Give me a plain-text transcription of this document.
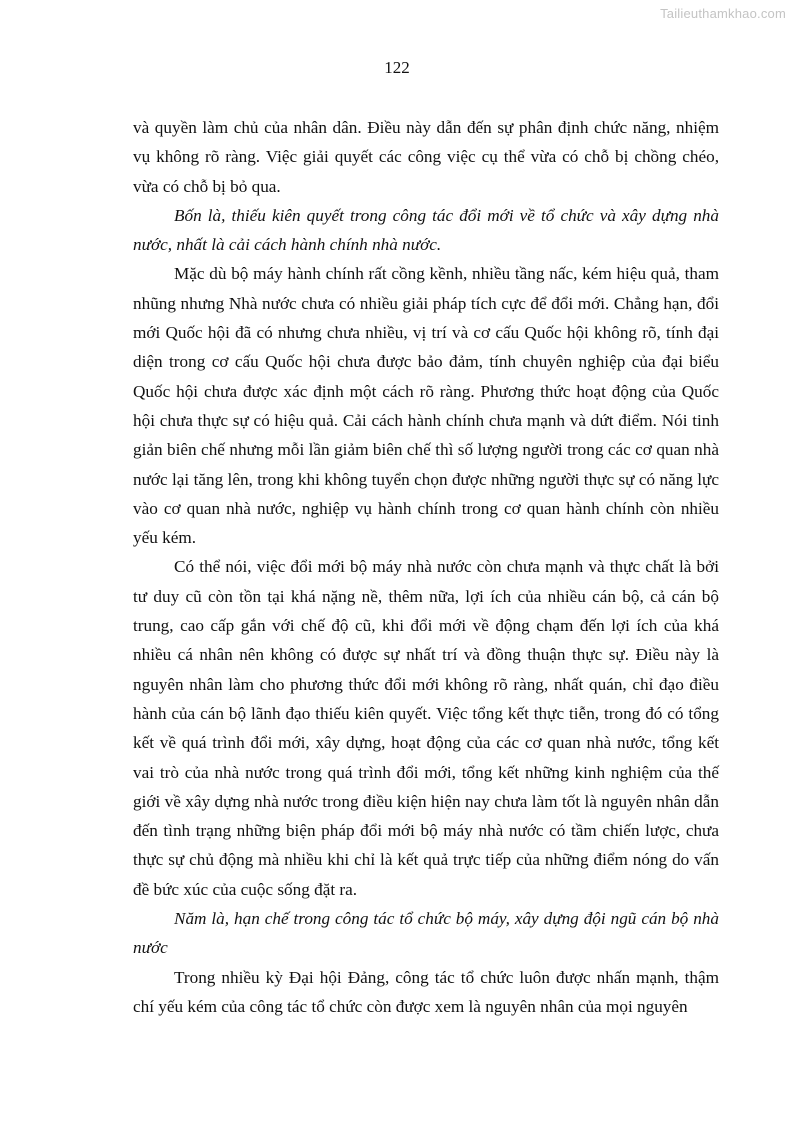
Tailieuthamkhao.com
122

và quyền làm chủ của nhân dân. Điều này dẫn đến sự phân định chức năng, nhiệm vụ không rõ ràng. Việc giải quyết các công việc cụ thể vừa có chỗ bị chồng chéo, vừa có chỗ bị bỏ qua.

Bốn là, thiếu kiên quyết trong công tác đổi mới về tổ chức và xây dựng nhà nước, nhất là cải cách hành chính nhà nước.

Mặc dù bộ máy hành chính rất cồng kềnh, nhiều tầng nấc, kém hiệu quả, tham nhũng nhưng Nhà nước chưa có nhiều giải pháp tích cực để đổi mới. Chẳng hạn, đổi mới Quốc hội đã có nhưng chưa nhiều, vị trí và cơ cấu Quốc hội không rõ, tính đại diện trong cơ cấu Quốc hội chưa được bảo đảm, tính chuyên nghiệp của đại biểu Quốc hội chưa được xác định một cách rõ ràng. Phương thức hoạt động của Quốc hội chưa thực sự có hiệu quả. Cải cách hành chính chưa mạnh và dứt điểm. Nói tinh giản biên chế nhưng mỗi lần giảm biên chế thì số lượng người trong các cơ quan nhà nước lại tăng lên, trong khi không tuyển chọn được những người thực sự có năng lực vào cơ quan nhà nước, nghiệp vụ hành chính trong cơ quan hành chính còn nhiều yếu kém.

Có thể nói, việc đổi mới bộ máy nhà nước còn chưa mạnh và thực chất là bởi tư duy cũ còn tồn tại khá nặng nề, thêm nữa, lợi ích của nhiều cán bộ, cả cán bộ trung, cao cấp gắn với chế độ cũ, khi đổi mới về động chạm đến lợi ích của khá nhiều cá nhân nên không có được sự nhất trí và đồng thuận thực sự. Điều này là nguyên nhân làm cho phương thức đổi mới không rõ ràng, nhất quán, chỉ đạo điều hành của cán bộ lãnh đạo thiếu kiên quyết. Việc tổng kết thực tiễn, trong đó có tổng kết về quá trình đổi mới, xây dựng, hoạt động của các cơ quan nhà nước, tổng kết vai trò của nhà nước trong quá trình đổi mới, tổng kết những kinh nghiệm của thế giới về xây dựng nhà nước trong điều kiện hiện nay chưa làm tốt là nguyên nhân dẫn đến tình trạng những biện pháp đổi mới bộ máy nhà nước có tầm chiến lược, chưa thực sự chủ động mà nhiều khi chỉ là kết quả trực tiếp của những điểm nóng do vấn đề bức xúc của cuộc sống đặt ra.

Năm là, hạn chế trong công tác tổ chức bộ máy, xây dựng đội ngũ cán bộ nhà nước

Trong nhiều kỳ Đại hội Đảng, công tác tổ chức luôn được nhấn mạnh, thậm chí yếu kém của công tác tổ chức còn được xem là nguyên nhân của mọi nguyên
